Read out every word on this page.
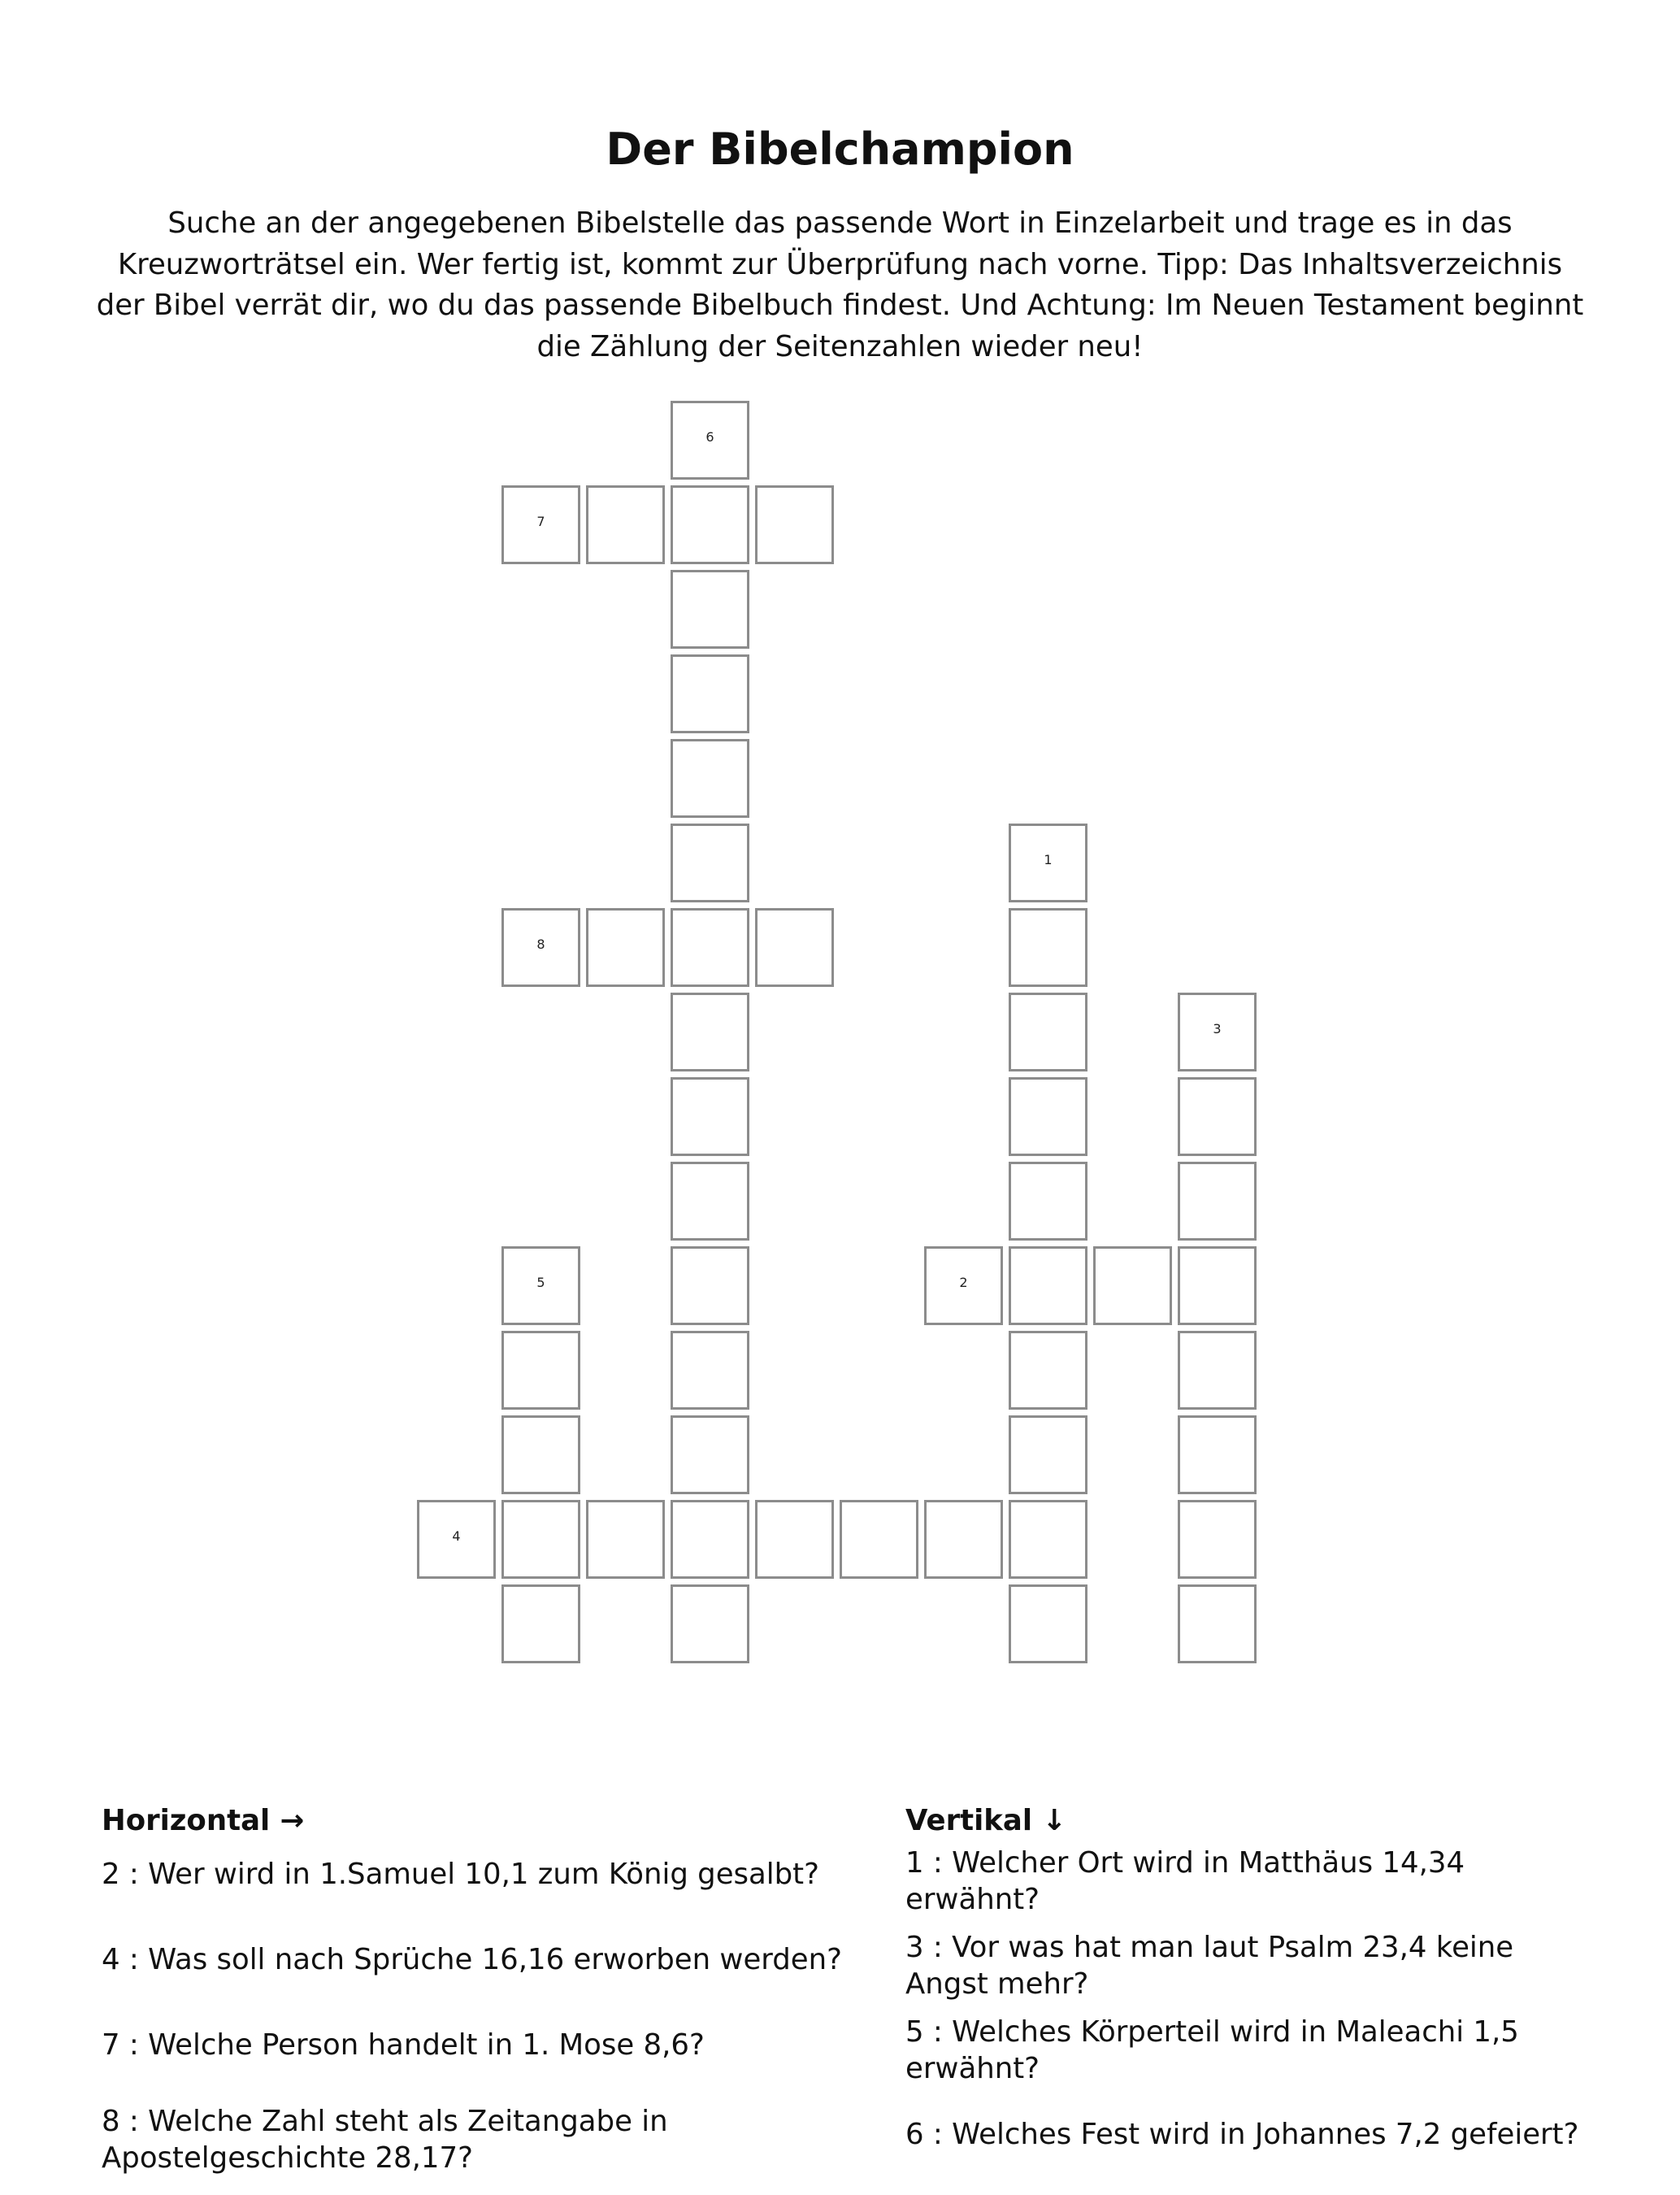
Der Bibelchampion
Suche an der angegebenen Bibelstelle das passende Wort in Einzelarbeit und trage es in das Kreuzworträtsel ein. Wer fertig ist, kommt zur Überprüfung nach vorne. Tipp: Das Inhaltsverzeichnis der Bibel verrät dir, wo du das passende Bibelbuch findest. Und Achtung: Im Neuen Testament beginnt die Zählung der Seitenzahlen wieder neu!
1
2
3
4
5
6
7
8
Horizontal →
2 : Wer wird in 1.Samuel 10,1 zum König gesalbt?
4 : Was soll nach Sprüche 16,16 erworben werden?
7 : Welche Person handelt in 1. Mose 8,6?
8 : Welche Zahl steht als Zeitangabe in Apostelgeschichte 28,17?
Vertikal ↓
1 : Welcher Ort wird in Matthäus 14,34 erwähnt?
3 : Vor was hat man laut Psalm 23,4 keine Angst mehr?
5 : Welches Körperteil wird in Maleachi 1,5 erwähnt?
6 : Welches Fest wird in Johannes 7,2 gefeiert?
